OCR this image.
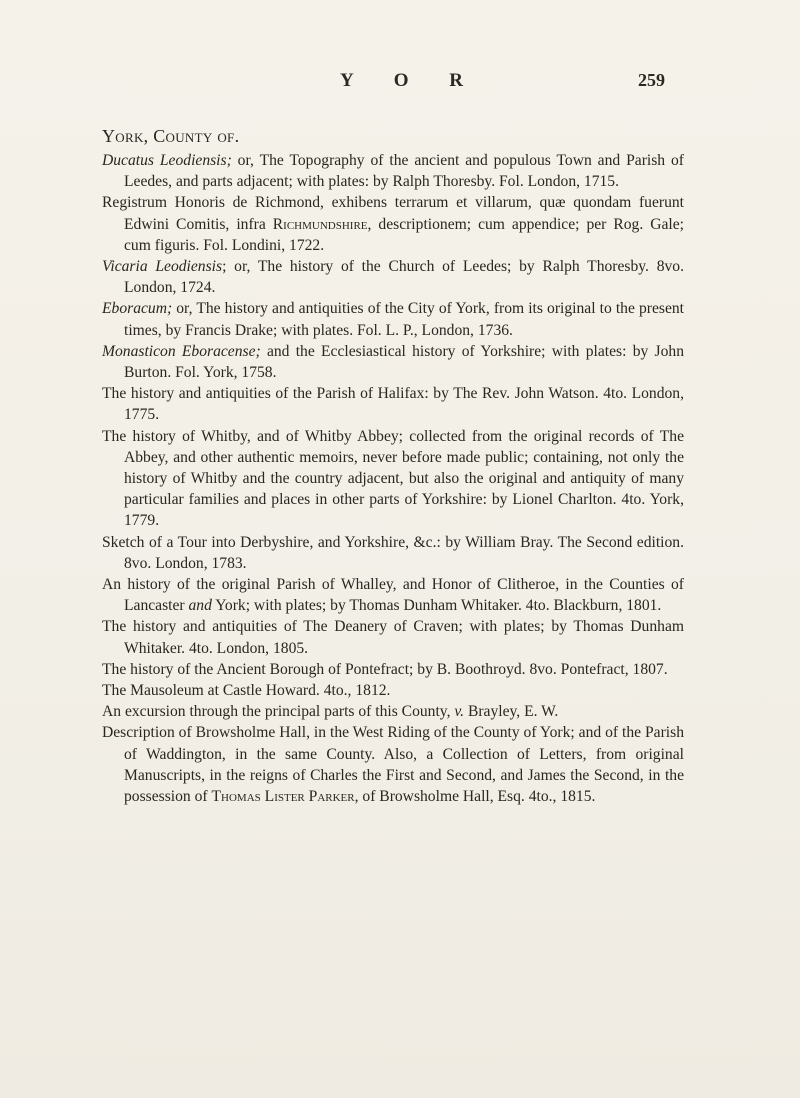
Y O R	259
York, County of.

Ducatus Leodiensis; or, The Topography of the ancient and populous Town and Parish of Leedes, and parts adjacent; with plates: by Ralph Thoresby. Fol. London, 1715.

Registrum Honoris de Richmond, exhibens terrarum et villarum, quæ quondam fuerunt Edwini Comitis, infra Richmundshire, descriptionem; cum appendice; per Rog. Gale; cum figuris. Fol. Londini, 1722.

Vicaria Leodiensis; or, The history of the Church of Leedes; by Ralph Thoresby. 8vo. London, 1724.

Eboracum; or, The history and antiquities of the City of York, from its original to the present times, by Francis Drake; with plates. Fol. L. P., London, 1736.

Monasticon Eboracense; and the Ecclesiastical history of Yorkshire; with plates: by John Burton. Fol. York, 1758.

The history and antiquities of the Parish of Halifax: by The Rev. John Watson. 4to. London, 1775.

The history of Whitby, and of Whitby Abbey; collected from the original records of The Abbey, and other authentic memoirs, never before made public; containing, not only the history of Whitby and the country adjacent, but also the original and antiquity of many particular families and places in other parts of Yorkshire: by Lionel Charlton. 4to. York, 1779.

Sketch of a Tour into Derbyshire, and Yorkshire, &c.: by William Bray. The Second edition. 8vo. London, 1783.

An history of the original Parish of Whalley, and Honor of Clitheroe, in the Counties of Lancaster and York; with plates; by Thomas Dunham Whitaker. 4to. Blackburn, 1801.

The history and antiquities of The Deanery of Craven; with plates; by Thomas Dunham Whitaker. 4to. London, 1805.

The history of the Ancient Borough of Pontefract; by B. Boothroyd. 8vo. Pontefract, 1807.

The Mausoleum at Castle Howard. 4to., 1812.

An excursion through the principal parts of this County, v. Brayley, E. W.

Description of Browsholme Hall, in the West Riding of the County of York; and of the Parish of Waddington, in the same County. Also, a Collection of Letters, from original Manuscripts, in the reigns of Charles the First and Second, and James the Second, in the possession of Thomas Lister Parker, of Browsholme Hall, Esq. 4to., 1815.
